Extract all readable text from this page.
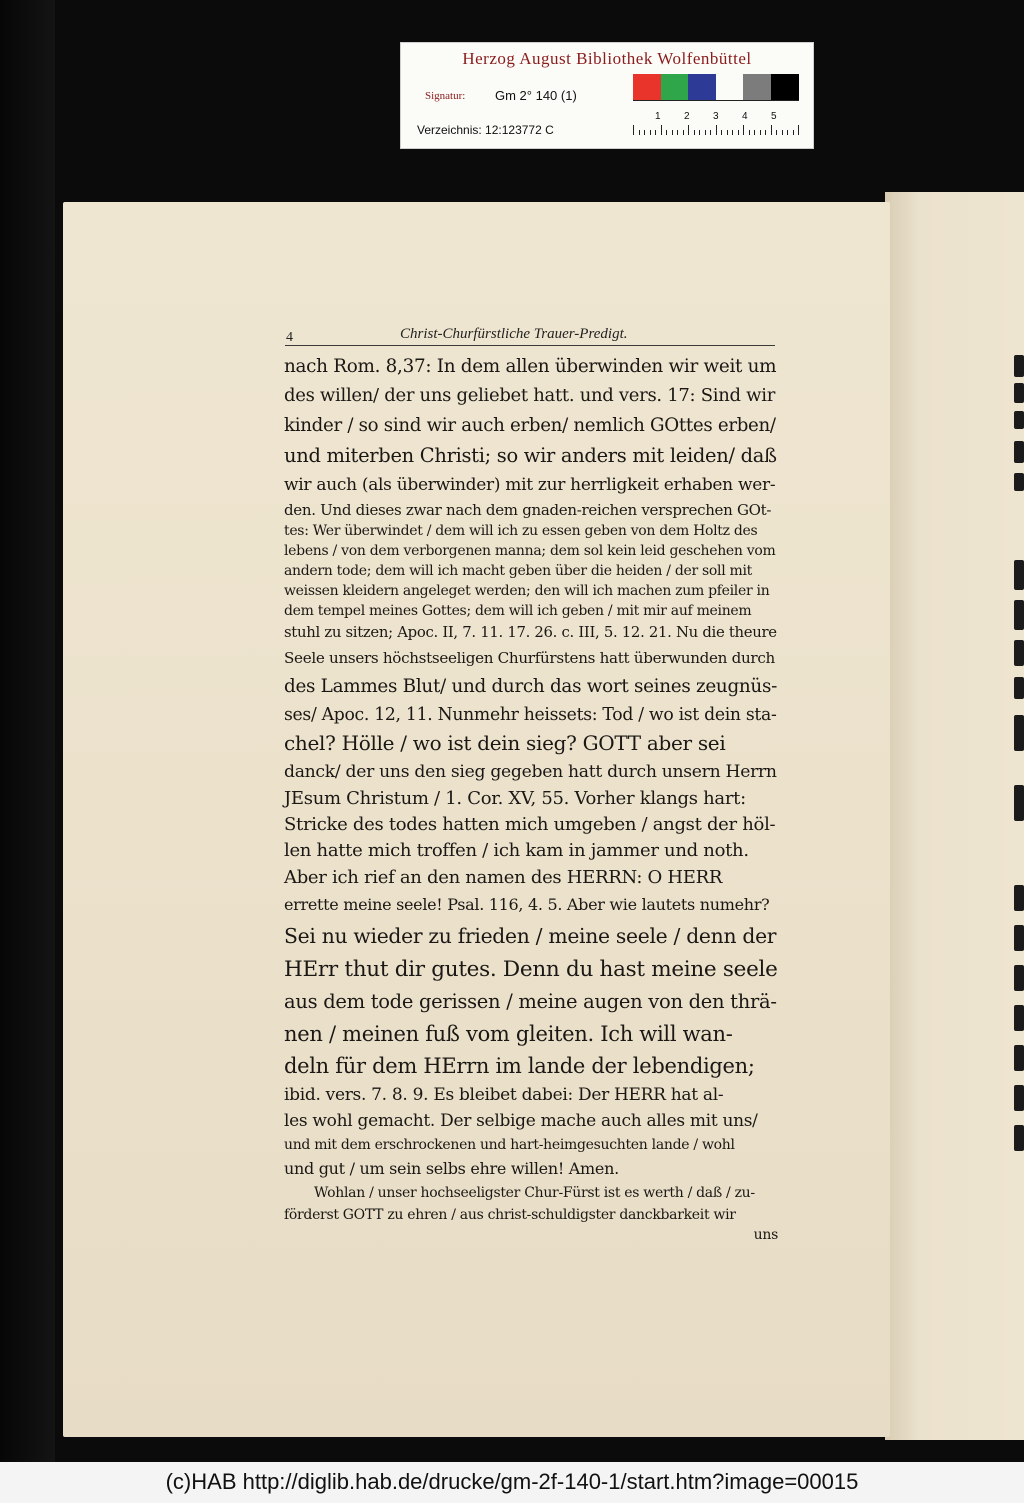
Herzog August Bibliothek Wolfenbüttel
Signatur: Gm 2° 140 (1)
Verzeichnis: 12:123772 C
1 2 3 4 5
4	Christ-Churfürstliche Trauer-Predigt.

nach Rom. 8,37: In dem allen überwinden wir weit um

des willen/ der uns geliebet hatt. und vers. 17: Sind wir

kinder / so sind wir auch erben/ nemlich GOttes erben/

und miterben Christi; so wir anders mit leiden/ daß

wir auch (als überwinder) mit zur herrligkeit erhaben wer-

den. Und dieses zwar nach dem gnaden-reichen versprechen GOt-

tes: Wer überwindet / dem will ich zu essen geben von dem Holtz des

lebens / von dem verborgenen manna; dem sol kein leid geschehen vom

andern tode; dem will ich macht geben über die heiden / der soll mit

weissen kleidern angeleget werden; den will ich machen zum pfeiler in

dem tempel meines Gottes; dem will ich geben / mit mir auf meinem

stuhl zu sitzen; Apoc. II, 7. 11. 17. 26. c. III, 5. 12. 21. Nu die theure

Seele unsers höchstseeligen Churfürstens hatt überwunden durch

des Lammes Blut/ und durch das wort seines zeugnüs-

ses/ Apoc. 12, 11. Nunmehr heissets: Tod / wo ist dein sta-

chel? Hölle / wo ist dein sieg? GOTT aber sei

danck/ der uns den sieg gegeben hatt durch unsern Herrn

JEsum Christum / 1. Cor. XV, 55. Vorher klangs hart:

Stricke des todes hatten mich umgeben / angst der höl-

len hatte mich troffen / ich kam in jammer und noth.

Aber ich rief an den namen des HERRN: O HERR

errette meine seele! Psal. 116, 4. 5. Aber wie lautets numehr?

Sei nu wieder zu frieden / meine seele / denn der

HErr thut dir gutes. Denn du hast meine seele

aus dem tode gerissen / meine augen von den thrä-

nen / meinen fuß vom gleiten. Ich will wan-

deln für dem HErrn im lande der lebendigen;

ibid. vers. 7. 8. 9. Es bleibet dabei: Der HERR hat al-

les wohl gemacht. Der selbige mache auch alles mit uns/

und mit dem erschrockenen und hart-heimgesuchten lande / wohl

und gut / um sein selbs ehre willen! Amen.

Wohlan / unser hochseeligster Chur-Fürst ist es werth / daß / zu-

förderst GOTT zu ehren / aus christ-schuldigster danckbarkeit wir

uns

(c)HAB http://diglib.hab.de/drucke/gm-2f-140-1/start.htm?image=00015
